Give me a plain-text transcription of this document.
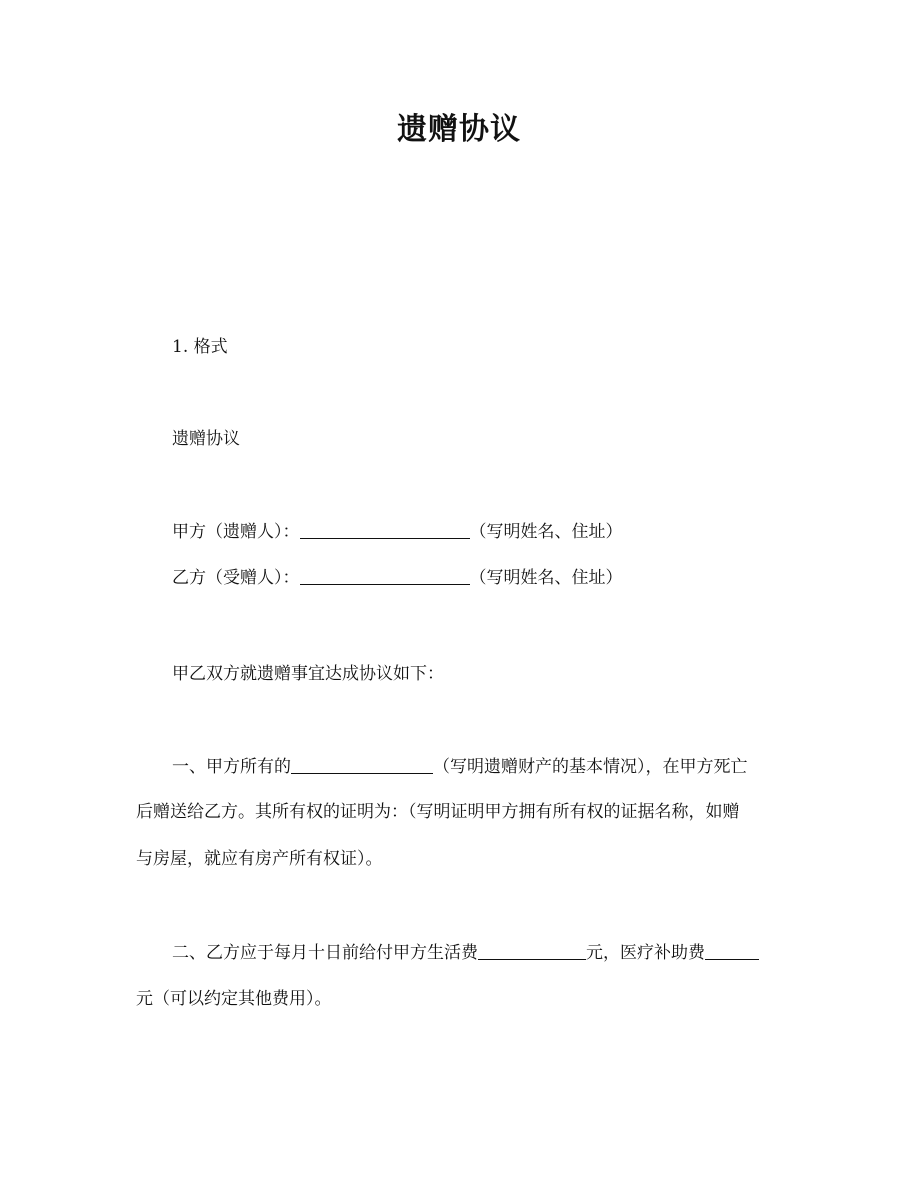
遗赠协议
1. 格式
遗赠协议
甲方（遗赠人）：	（写明姓名、住址）
乙方（受赠人）：	（写明姓名、住址）
甲乙双方就遗赠事宜达成协议如下：
一、甲方所有的	（写明遗赠财产的基本情况），在甲方死亡
后赠送给乙方。其所有权的证明为：（写明证明甲方拥有所有权的证据名称，如赠
与房屋，就应有房产所有权证）。
二、乙方应于每月十日前给付甲方生活费	元，医疗补助费
元（可以约定其他费用）。
